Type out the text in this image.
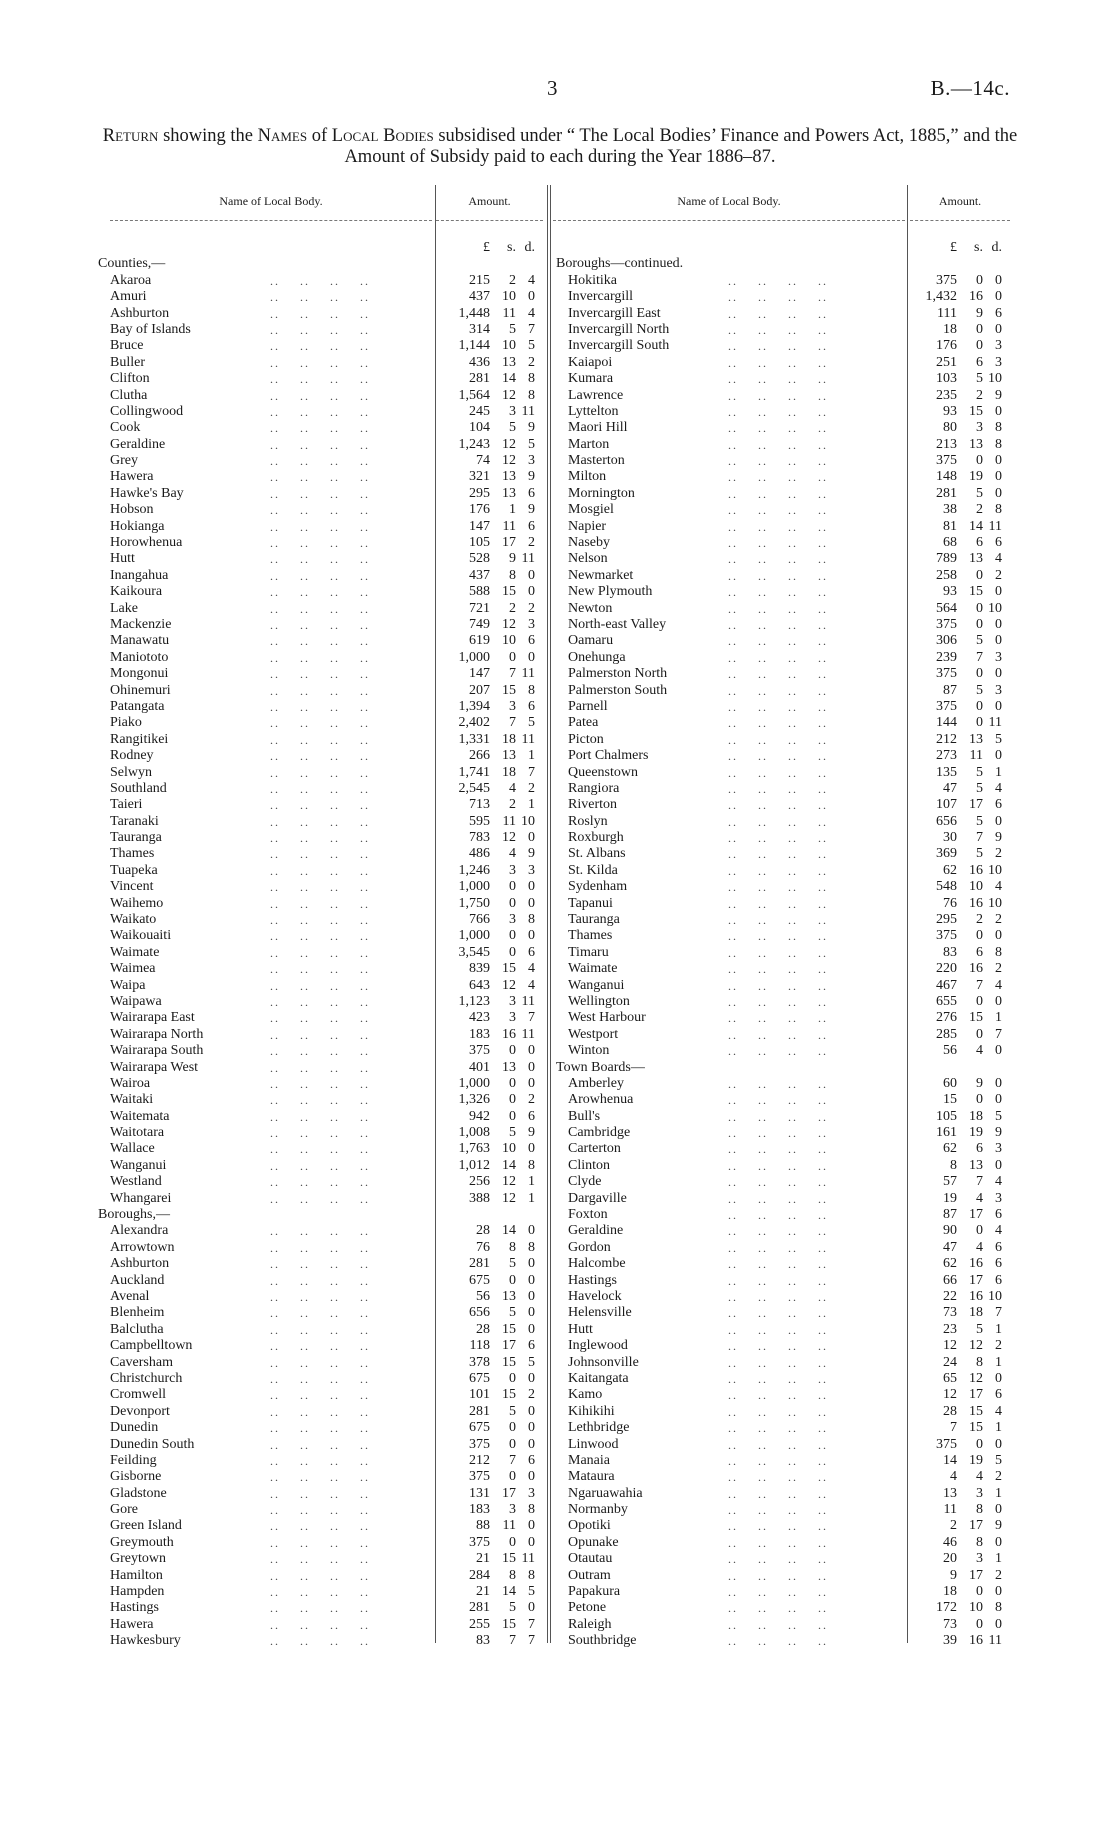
3	B.—14c.
Return showing the Names of Local Bodies subsidised under “ The Local Bodies’ Finance and Powers Act, 1885,” and the Amount of Subsidy paid to each during the Year 1886–87.
Name of Local Body.	Amount.	Name of Local Body.	Amount.
£ s. d.	£ s. d.
Counties,—	Boroughs—continued.
Akaroa	..    ..    ..    ..	215 2 4 Hokitika	..    ..    ..    ..	375 0 0
Amuri	..    ..    ..    ..	437 10 0 Invercargill	..    ..    ..    ..	1,432 16 0
Ashburton	..    ..    ..    ..	1,448 11 4 Invercargill East	..    ..    ..    ..	111 9 6
Bay of Islands	..    ..    ..    ..	314 5 7 Invercargill North	..    ..    ..    ..	18 0 0
Bruce	..    ..    ..    ..	1,144 10 5 Invercargill South	..    ..    ..    ..	176 0 3
Buller	..    ..    ..    ..	436 13 2 Kaiapoi	..    ..    ..    ..	251 6 3
Clifton	..    ..    ..    ..	281 14 8 Kumara	..    ..    ..    ..	103 5 10
Clutha	..    ..    ..    ..	1,564 12 8 Lawrence	..    ..    ..    ..	235 2 9
Collingwood	..    ..    ..    ..	245 3 11 Lyttelton	..    ..    ..    ..	93 15 0
Cook	..    ..    ..    ..	104 5 9 Maori Hill	..    ..    ..    ..	80 3 8
Geraldine	..    ..    ..    ..	1,243 12 5 Marton	..    ..    ..    ..	213 13 8
Grey	..    ..    ..    ..	74 12 3 Masterton	..    ..    ..    ..	375 0 0
Hawera	..    ..    ..    ..	321 13 9 Milton	..    ..    ..    ..	148 19 0
Hawke's Bay	..    ..    ..    ..	295 13 6 Mornington	..    ..    ..    ..	281 5 0
Hobson	..    ..    ..    ..	176 1 9 Mosgiel	..    ..    ..    ..	38 2 8
Hokianga	..    ..    ..    ..	147 11 6 Napier	..    ..    ..    ..	81 14 11
Horowhenua	..    ..    ..    ..	105 17 2 Naseby	..    ..    ..    ..	68 6 6
Hutt	..    ..    ..    ..	528 9 11 Nelson	..    ..    ..    ..	789 13 4
Inangahua	..    ..    ..    ..	437 8 0 Newmarket	..    ..    ..    ..	258 0 2
Kaikoura	..    ..    ..    ..	588 15 0 New Plymouth	..    ..    ..    ..	93 15 0
Lake	..    ..    ..    ..	721 2 2 Newton	..    ..    ..    ..	564 0 10
Mackenzie	..    ..    ..    ..	749 12 3 North-east Valley	..    ..    ..    ..	375 0 0
Manawatu	..    ..    ..    ..	619 10 6 Oamaru	..    ..    ..    ..	306 5 0
Maniototo	..    ..    ..    ..	1,000 0 0 Onehunga	..    ..    ..    ..	239 7 3
Mongonui	..    ..    ..    ..	147 7 11 Palmerston North	..    ..    ..    ..	375 0 0
Ohinemuri	..    ..    ..    ..	207 15 8 Palmerston South	..    ..    ..    ..	87 5 3
Patangata	..    ..    ..    ..	1,394 3 6 Parnell	..    ..    ..    ..	375 0 0
Piako	..    ..    ..    ..	2,402 7 5 Patea	..    ..    ..    ..	144 0 11
Rangitikei	..    ..    ..    ..	1,331 18 11 Picton	..    ..    ..    ..	212 13 5
Rodney	..    ..    ..    ..	266 13 1 Port Chalmers	..    ..    ..    ..	273 11 0
Selwyn	..    ..    ..    ..	1,741 18 7 Queenstown	..    ..    ..    ..	135 5 1
Southland	..    ..    ..    ..	2,545 4 2 Rangiora	..    ..    ..    ..	47 5 4
Taieri	..    ..    ..    ..	713 2 1 Riverton	..    ..    ..    ..	107 17 6
Taranaki	..    ..    ..    ..	595 11 10 Roslyn	..    ..    ..    ..	656 5 0
Tauranga	..    ..    ..    ..	783 12 0 Roxburgh	..    ..    ..    ..	30 7 9
Thames	..    ..    ..    ..	486 4 9 St. Albans	..    ..    ..    ..	369 5 2
Tuapeka	..    ..    ..    ..	1,246 3 3 St. Kilda	..    ..    ..    ..	62 16 10
Vincent	..    ..    ..    ..	1,000 0 0 Sydenham	..    ..    ..    ..	548 10 4
Waihemo	..    ..    ..    ..	1,750 0 0 Tapanui	..    ..    ..    ..	76 16 10
Waikato	..    ..    ..    ..	766 3 8 Tauranga	..    ..    ..    ..	295 2 2
Waikouaiti	..    ..    ..    ..	1,000 0 0 Thames	..    ..    ..    ..	375 0 0
Waimate	..    ..    ..    ..	3,545 0 6 Timaru	..    ..    ..    ..	83 6 8
Waimea	..    ..    ..    ..	839 15 4 Waimate	..    ..    ..    ..	220 16 2
Waipa	..    ..    ..    ..	643 12 4 Wanganui	..    ..    ..    ..	467 7 4
Waipawa	..    ..    ..    ..	1,123 3 11 Wellington	..    ..    ..    ..	655 0 0
Wairarapa East	..    ..    ..    ..	423 3 7 West Harbour	..    ..    ..    ..	276 15 1
Wairarapa North	..    ..    ..    ..	183 16 11 Westport	..    ..    ..    ..	285 0 7
Wairarapa South	..    ..    ..    ..	375 0 0 Winton	..    ..    ..    ..	56 4 0
Wairarapa West	..    ..    ..    ..	401 13 0 Town Boards—
Wairoa	..    ..    ..    ..	1,000 0 0 Amberley	..    ..    ..    ..	60 9 0
Waitaki	..    ..    ..    ..	1,326 0 2 Arowhenua	..    ..    ..    ..	15 0 0
Waitemata	..    ..    ..    ..	942 0 6 Bull's	..    ..    ..    ..	105 18 5
Waitotara	..    ..    ..    ..	1,008 5 9 Cambridge	..    ..    ..    ..	161 19 9
Wallace	..    ..    ..    ..	1,763 10 0 Carterton	..    ..    ..    ..	62 6 3
Wanganui	..    ..    ..    ..	1,012 14 8 Clinton	..    ..    ..    ..	8 13 0
Westland	..    ..    ..    ..	256 12 1 Clyde	..    ..    ..    ..	57 7 4
Whangarei	..    ..    ..    ..	388 12 1 Dargaville	..    ..    ..    ..	19 4 3
Boroughs,—	Foxton	..    ..    ..    ..	87 17 6
Alexandra	..    ..    ..    ..	28 14 0 Geraldine	..    ..    ..    ..	90 0 4
Arrowtown	..    ..    ..    ..	76 8 8 Gordon	..    ..    ..    ..	47 4 6
Ashburton	..    ..    ..    ..	281 5 0 Halcombe	..    ..    ..    ..	62 16 6
Auckland	..    ..    ..    ..	675 0 0 Hastings	..    ..    ..    ..	66 17 6
Avenal	..    ..    ..    ..	56 13 0 Havelock	..    ..    ..    ..	22 16 10
Blenheim	..    ..    ..    ..	656 5 0 Helensville	..    ..    ..    ..	73 18 7
Balclutha	..    ..    ..    ..	28 15 0 Hutt	..    ..    ..    ..	23 5 1
Campbelltown	..    ..    ..    ..	118 17 6 Inglewood	..    ..    ..    ..	12 12 2
Caversham	..    ..    ..    ..	378 15 5 Johnsonville	..    ..    ..    ..	24 8 1
Christchurch	..    ..    ..    ..	675 0 0 Kaitangata	..    ..    ..    ..	65 12 0
Cromwell	..    ..    ..    ..	101 15 2 Kamo	..    ..    ..    ..	12 17 6
Devonport	..    ..    ..    ..	281 5 0 Kihikihi	..    ..    ..    ..	28 15 4
Dunedin	..    ..    ..    ..	675 0 0 Lethbridge	..    ..    ..    ..	7 15 1
Dunedin South	..    ..    ..    ..	375 0 0 Linwood	..    ..    ..    ..	375 0 0
Feilding	..    ..    ..    ..	212 7 6 Manaia	..    ..    ..    ..	14 19 5
Gisborne	..    ..    ..    ..	375 0 0 Mataura	..    ..    ..    ..	4 4 2
Gladstone	..    ..    ..    ..	131 17 3 Ngaruawahia	..    ..    ..    ..	13 3 1
Gore	..    ..    ..    ..	183 3 8 Normanby	..    ..    ..    ..	11 8 0
Green Island	..    ..    ..    ..	88 11 0 Opotiki	..    ..    ..    ..	2 17 9
Greymouth	..    ..    ..    ..	375 0 0 Opunake	..    ..    ..    ..	46 8 0
Greytown	..    ..    ..    ..	21 15 11 Otautau	..    ..    ..    ..	20 3 1
Hamilton	..    ..    ..    ..	284 8 8 Outram	..    ..    ..    ..	9 17 2
Hampden	..    ..    ..    ..	21 14 5 Papakura	..    ..    ..    ..	18 0 0
Hastings	..    ..    ..    ..	281 5 0 Petone	..    ..    ..    ..	172 10 8
Hawera	..    ..    ..    ..	255 15 7 Raleigh	..    ..    ..    ..	73 0 0
Hawkesbury	..    ..    ..    ..	83 7 7 Southbridge	..    ..    ..    ..	39 16 11
